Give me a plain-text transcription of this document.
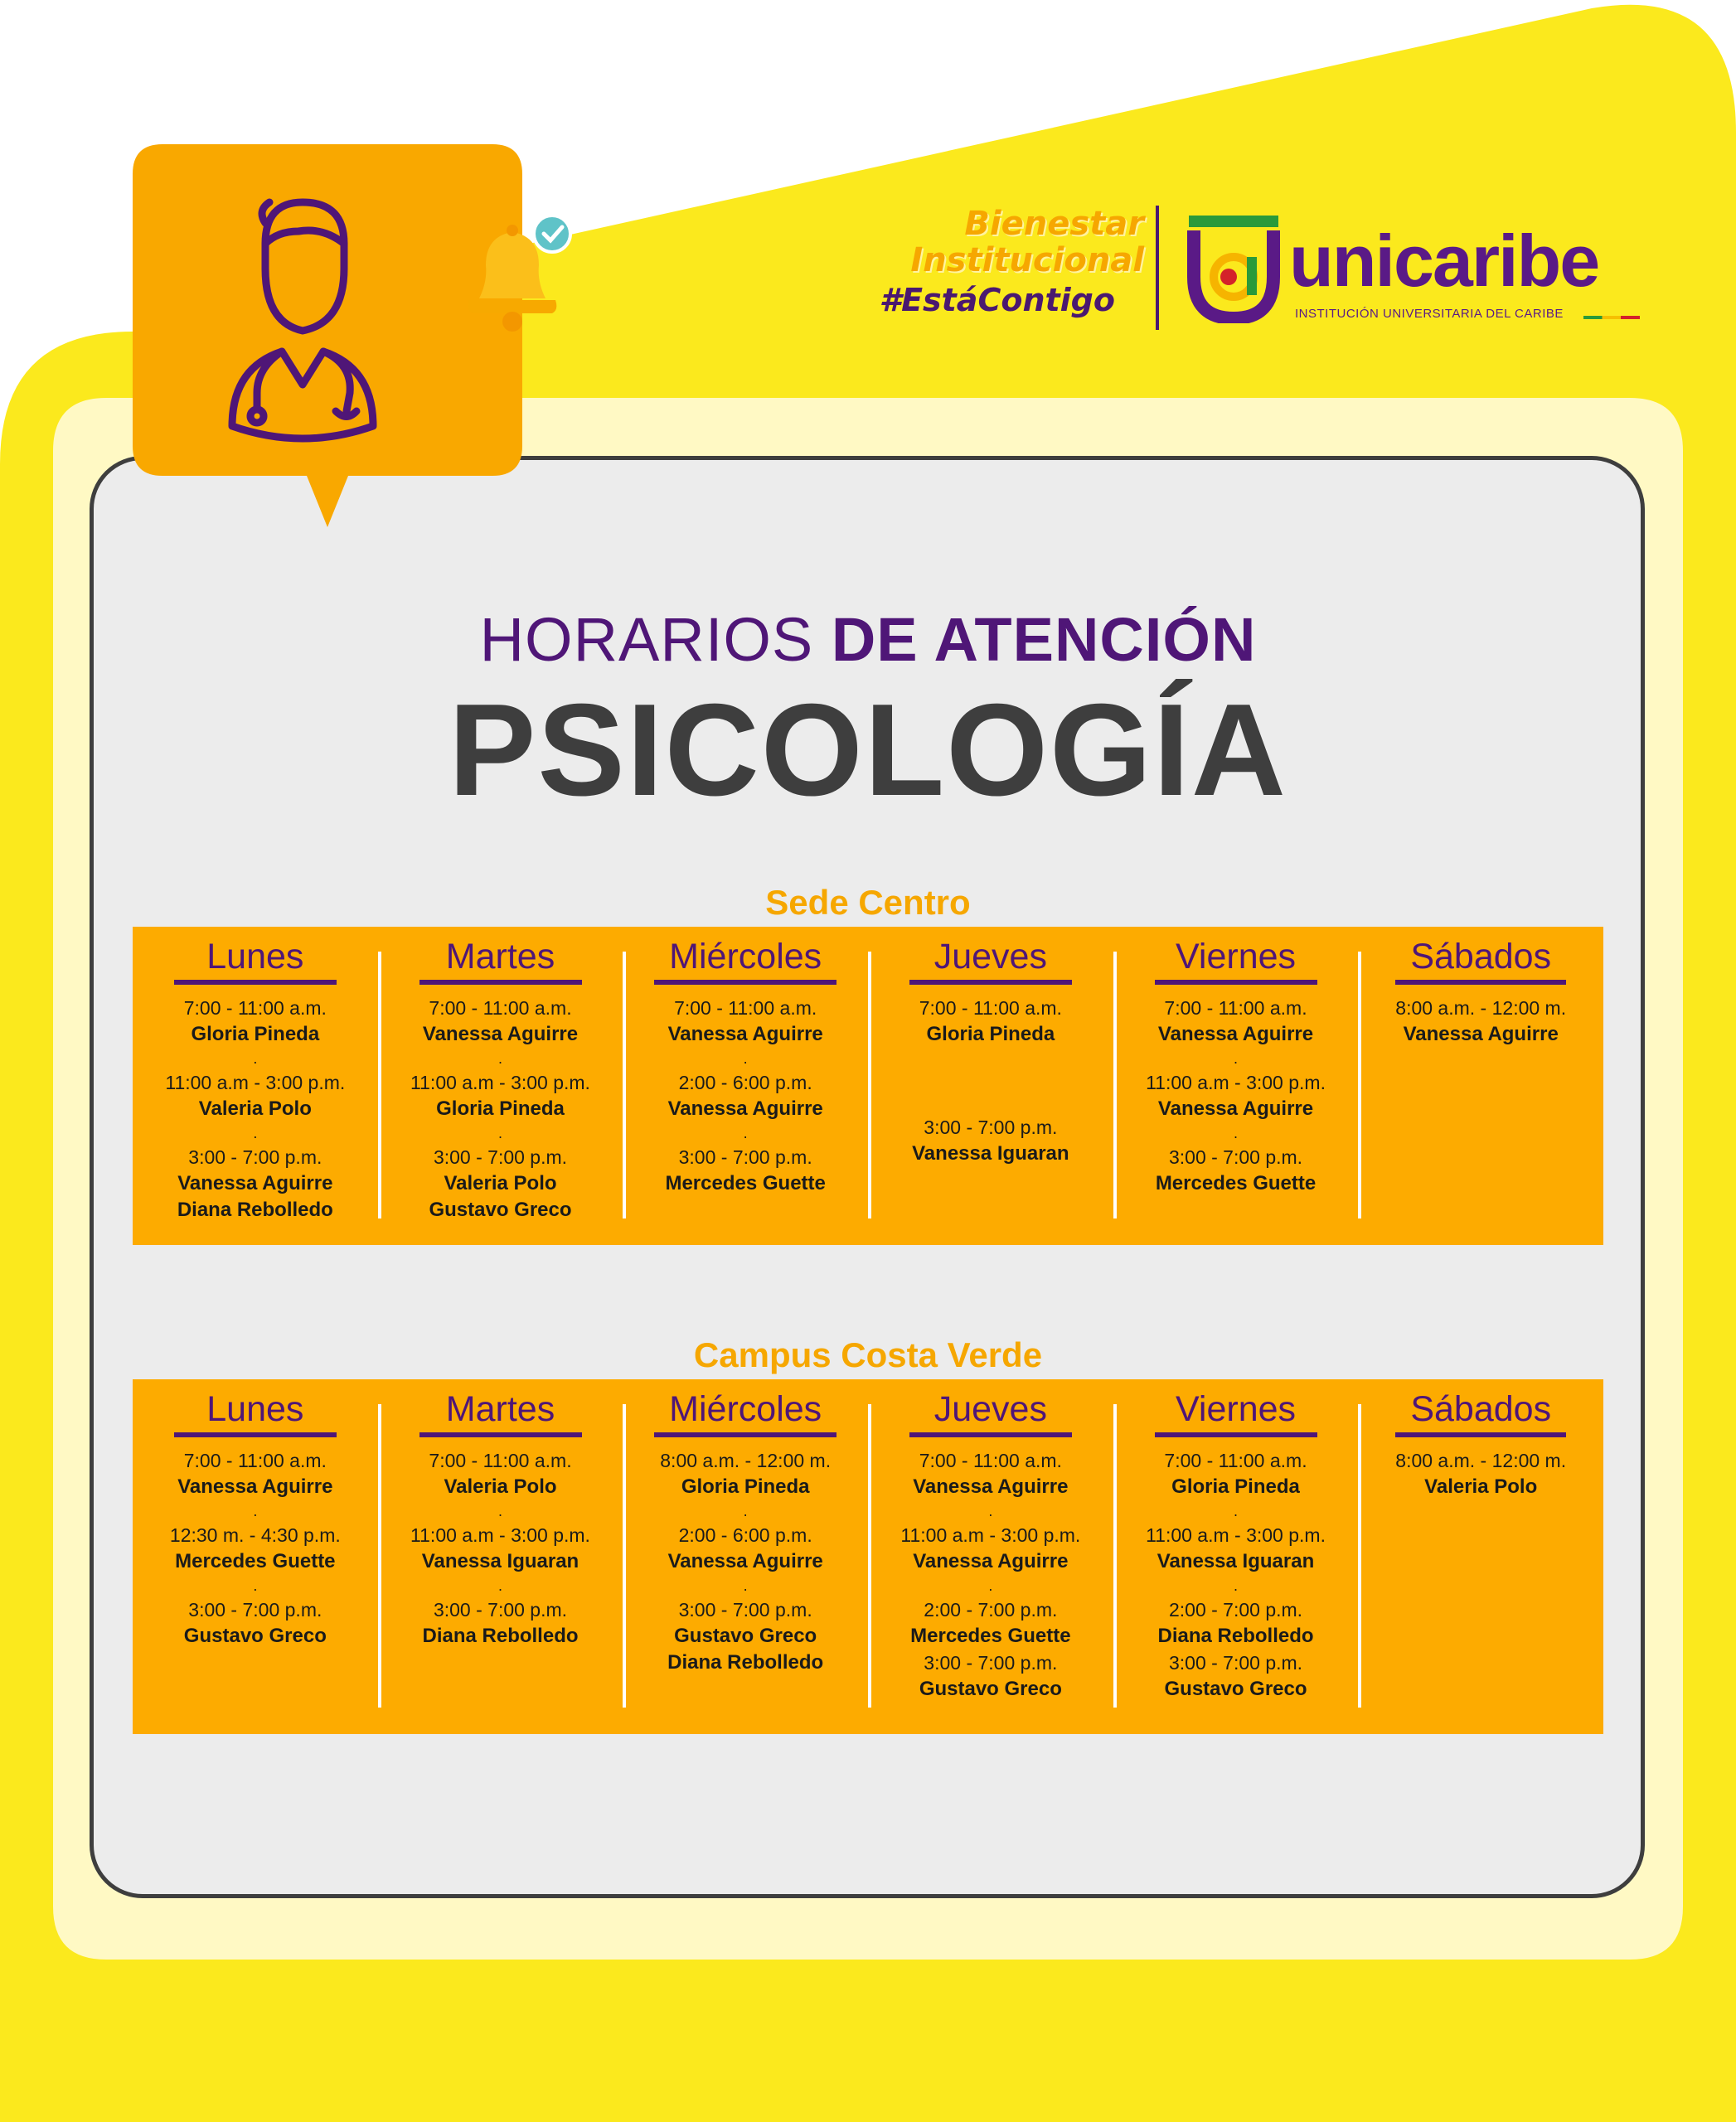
Bienestar
Institucional
#EstáContigo unicaribe
INSTITUCIÓN UNIVERSITARIA DEL CARIBE
HORARIOS DE ATENCIÓN
PSICOLOGÍA
Sede Centro
Lunes
7:00 - 11:00 a.m.
Gloria Pineda
.
11:00 a.m - 3:00 p.m.
Valeria Polo
.
3:00 - 7:00 p.m.
Vanessa Aguirre
Diana Rebolledo
Martes
7:00 - 11:00 a.m.
Vanessa Aguirre
.
11:00 a.m - 3:00 p.m.
Gloria Pineda
.
3:00 - 7:00 p.m.
Valeria Polo
Gustavo Greco
Miércoles
7:00 - 11:00 a.m.
Vanessa Aguirre
.
2:00 - 6:00 p.m.
Vanessa Aguirre
.
3:00 - 7:00 p.m.
Mercedes Guette
Jueves
7:00 - 11:00 a.m.
Gloria Pineda
3:00 - 7:00 p.m.
Vanessa Iguaran
Viernes
7:00 - 11:00 a.m.
Vanessa Aguirre
.
11:00 a.m - 3:00 p.m.
Vanessa Aguirre
.
3:00 - 7:00 p.m.
Mercedes Guette
Sábados
8:00 a.m. - 12:00 m.
Vanessa Aguirre
Campus Costa Verde
Lunes
7:00 - 11:00 a.m.
Vanessa Aguirre
.
12:30 m. - 4:30 p.m.
Mercedes Guette
.
3:00 - 7:00 p.m.
Gustavo Greco
Martes
7:00 - 11:00 a.m.
Valeria Polo
.
11:00 a.m - 3:00 p.m.
Vanessa Iguaran
.
3:00 - 7:00 p.m.
Diana Rebolledo
Miércoles
8:00 a.m. - 12:00 m.
Gloria Pineda
.
2:00 - 6:00 p.m.
Vanessa Aguirre
.
3:00 - 7:00 p.m.
Gustavo Greco
Diana Rebolledo
Jueves
7:00 - 11:00 a.m.
Vanessa Aguirre
.
11:00 a.m - 3:00 p.m.
Vanessa Aguirre
.
2:00 - 7:00 p.m.
Mercedes Guette
3:00 - 7:00 p.m.
Gustavo Greco
Viernes
7:00 - 11:00 a.m.
Gloria Pineda
.
11:00 a.m - 3:00 p.m.
Vanessa Iguaran
.
2:00 - 7:00 p.m.
Diana Rebolledo
3:00 - 7:00 p.m.
Gustavo Greco
Sábados
8:00 a.m. - 12:00 m.
Valeria Polo
